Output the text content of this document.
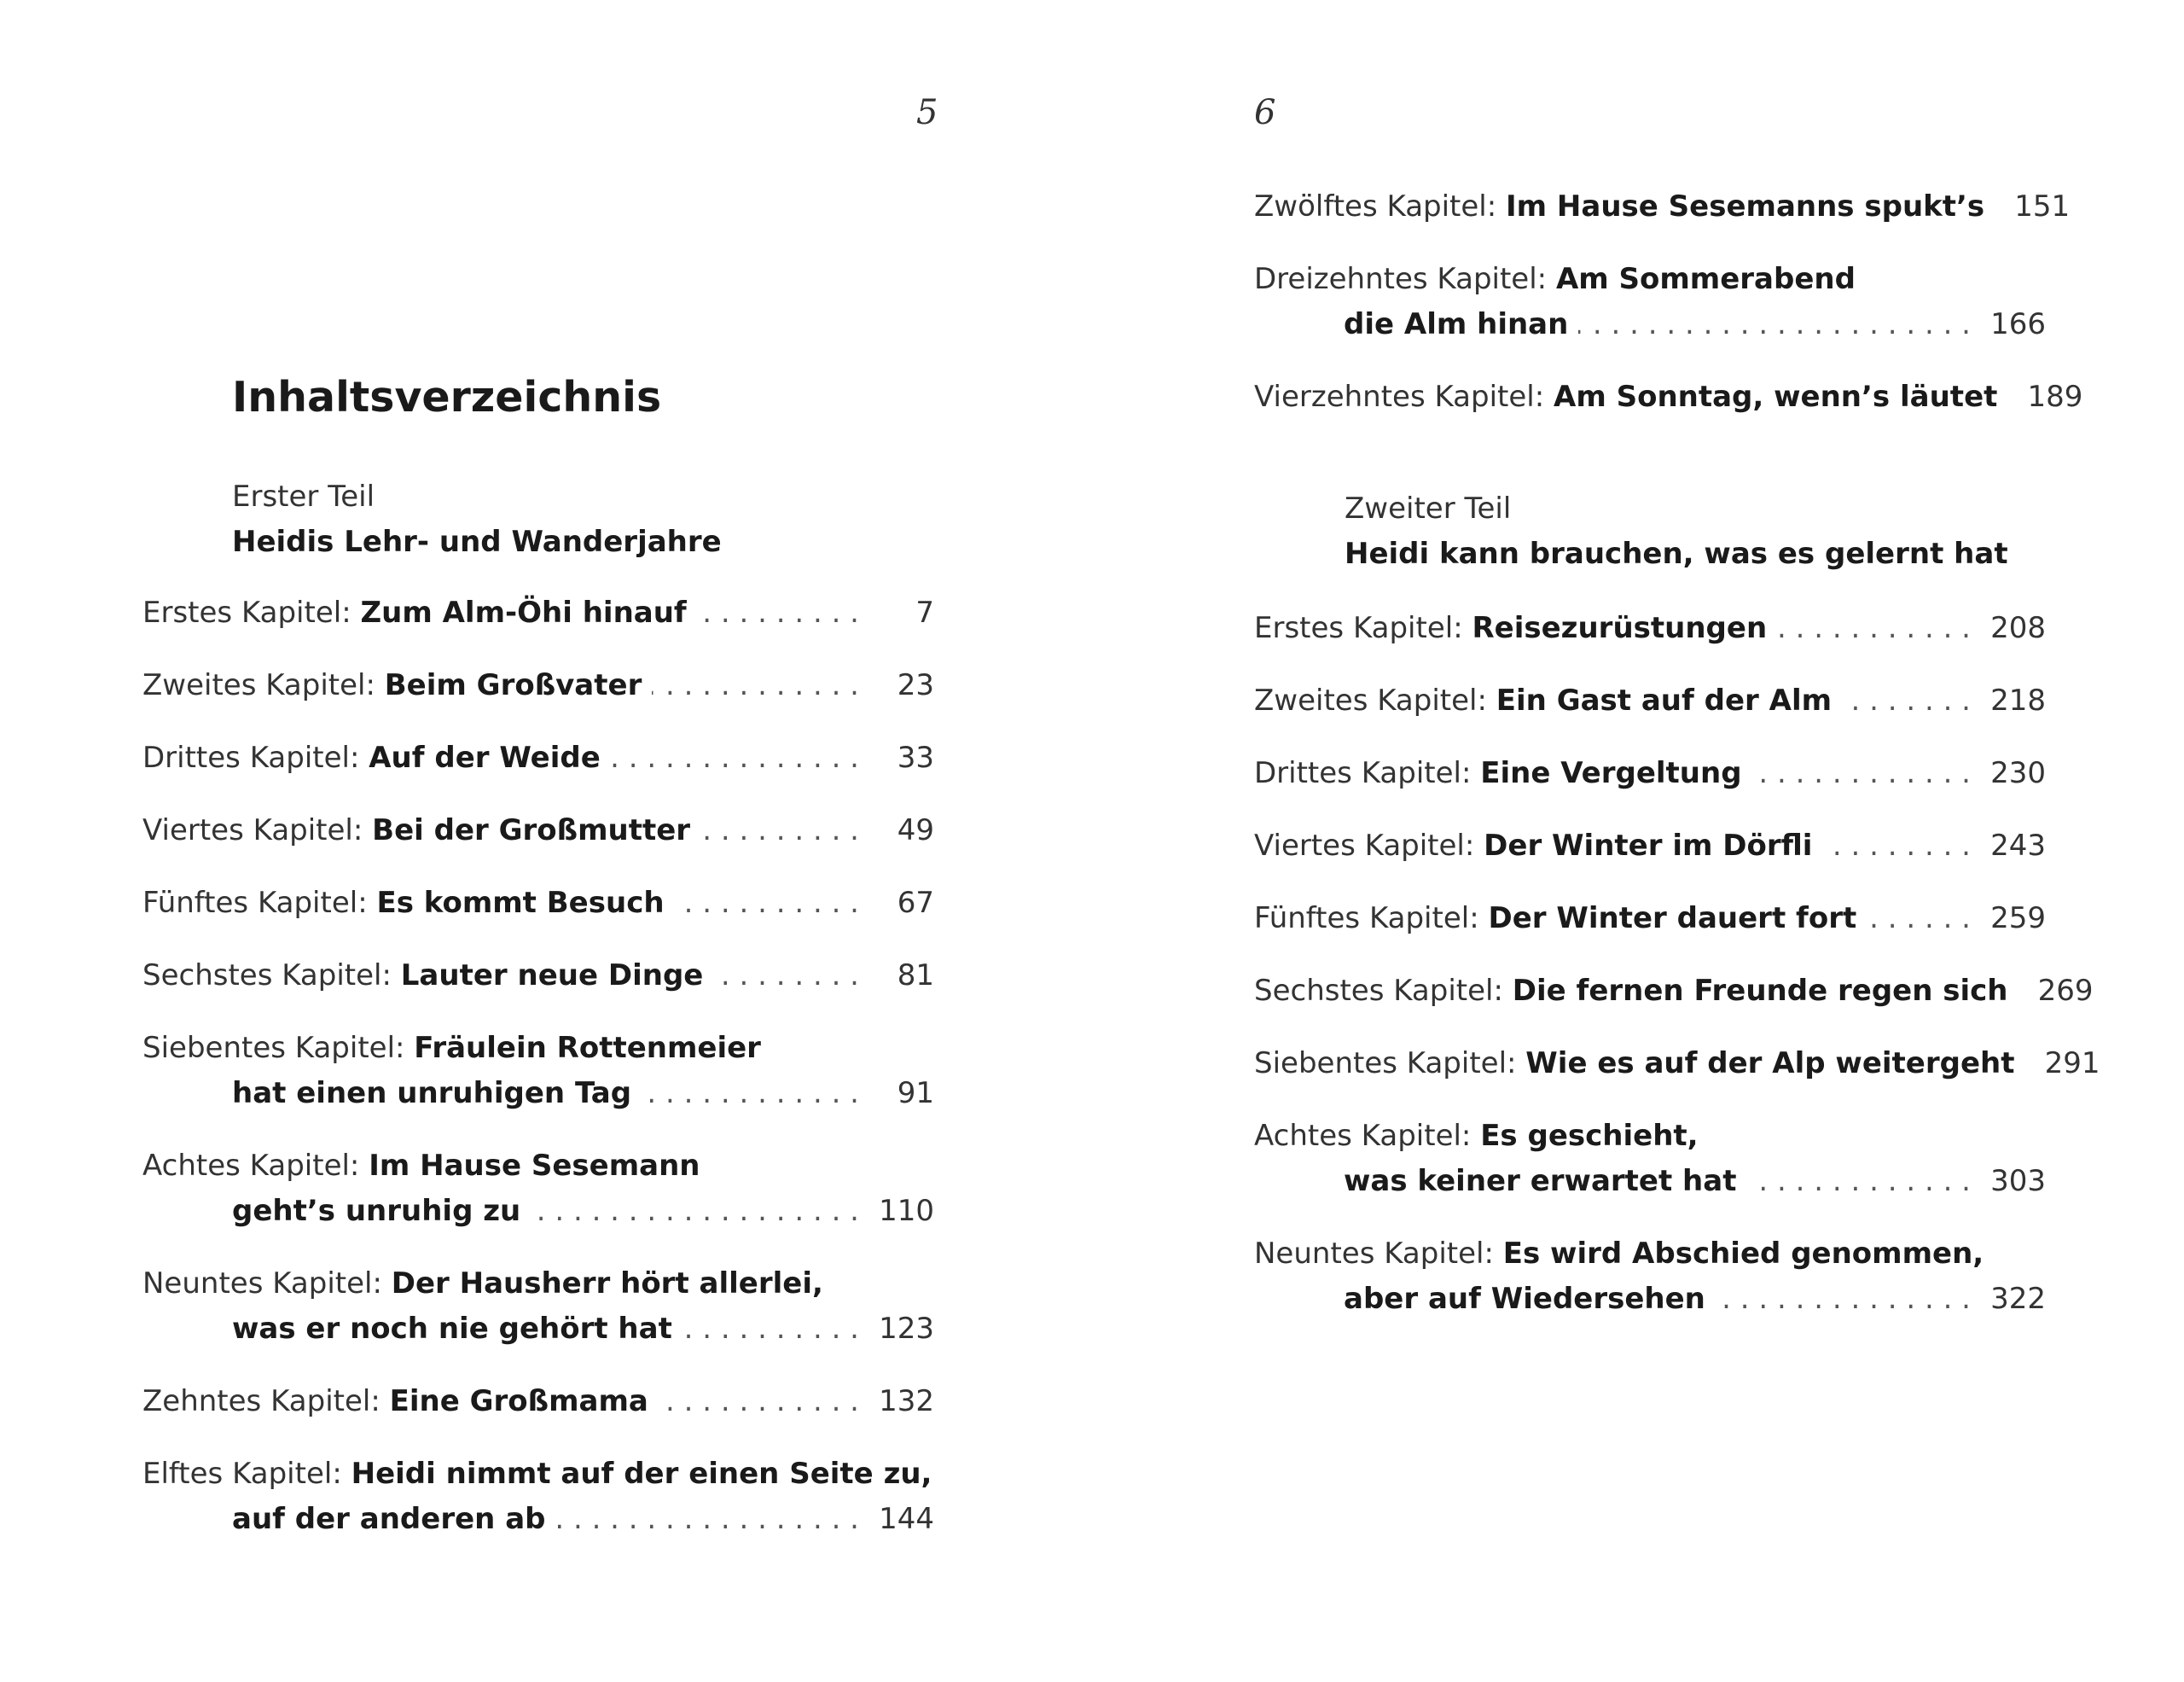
5	6
Inhaltsverzeichnis
Erster Teil
Heidis Lehr- und Wanderjahre
Erstes Kapitel:
Zum Alm-Öhi hinauf . . .	7
Zweites Kapitel:
Beim Großvater . . .	23
Drittes Kapitel:
Auf der Weide . . .	33
Viertes Kapitel:
Bei der Großmutter . . .	49
Fünftes Kapitel:
Es kommt Besuch . . .	67
Sechstes Kapitel:
Lauter neue Dinge . . .	81
Siebentes Kapitel:
Fräulein Rottenmeier
hat einen unruhigen Tag . . .	91
Achtes Kapitel:
Im Hause Sesemann
geht’s unruhig zu . . .	110
Neuntes Kapitel:
Der Hausherr hört allerlei,
was er noch nie gehört hat . . .	123
Zehntes Kapitel:
Eine Großmama . . .	132
Elftes Kapitel:
Heidi nimmt auf der einen Seite zu,
auf der anderen ab . . .	144
Zwölftes Kapitel:
Im Hause Sesemanns spukt’s 151
Dreizehntes Kapitel:
Am Sommerabend
die Alm hinan . . .	166
Vierzehntes Kapitel:
Am Sonntag, wenn’s läutet 189
Zweiter Teil
Heidi kann brauchen, was es gelernt hat
Erstes Kapitel:
Reisezurüstungen . . .	208
Zweites Kapitel:
Ein Gast auf der Alm . . .	218
Drittes Kapitel:
Eine Vergeltung . . .	230
Viertes Kapitel:
Der Winter im Dörfli . . .	243
Fünftes Kapitel:
Der Winter dauert fort . . .	259
Sechstes Kapitel:
Die fernen Freunde regen sich 269
Siebentes Kapitel:
Wie es auf der Alp weitergeht 291
Achtes Kapitel:
Es geschieht,
was keiner erwartet hat . . .	303
Neuntes Kapitel:
Es wird Abschied genommen,
aber auf Wiedersehen . . .	322
